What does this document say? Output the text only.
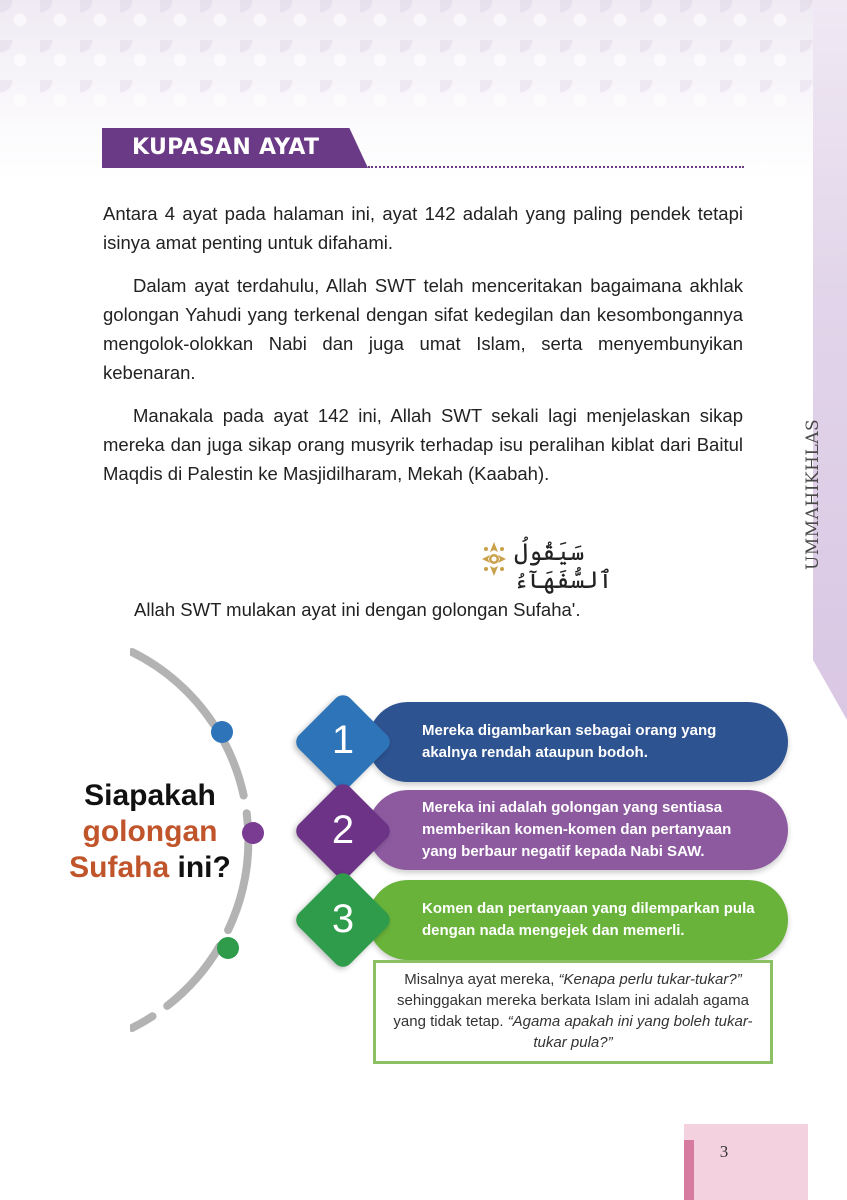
UMMAHIKHLAS
KUPASAN AYAT
Antara 4 ayat pada halaman ini, ayat 142 adalah yang paling pendek tetapi isinya amat penting untuk difahami.
Dalam ayat terdahulu, Allah SWT telah menceritakan bagaimana akhlak golongan Yahudi yang terkenal dengan sifat kedegilan dan kesombongannya mengolok-olokkan Nabi dan juga umat Islam, serta menyembunyikan kebenaran.
Manakala pada ayat 142 ini, Allah SWT sekali lagi menjelaskan sikap mereka dan juga sikap orang musyrik terhadap isu peralihan kiblat dari Baitul Maqdis di Palestin ke Masjidilharam, Mekah (Kaabah).
سَيَقُولُ ٱلسُّفَهَآءُ
Allah SWT mulakan ayat ini dengan golongan Sufaha'.
Siapakah
golongan
Sufaha ini?
Mereka digambarkan sebagai orang yang
akalnya rendah ataupun bodoh.
Mereka ini adalah golongan yang sentiasa
memberikan komen-komen dan pertanyaan
yang berbaur negatif kepada Nabi SAW.
Komen dan pertanyaan yang dilemparkan pula
dengan nada mengejek dan memerli.
1
2
3
Misalnya ayat mereka, “Kenapa perlu tukar-tukar?” sehinggakan mereka berkata Islam ini adalah agama yang tidak tetap. “Agama apakah ini yang boleh tukar-tukar pula?”
3
